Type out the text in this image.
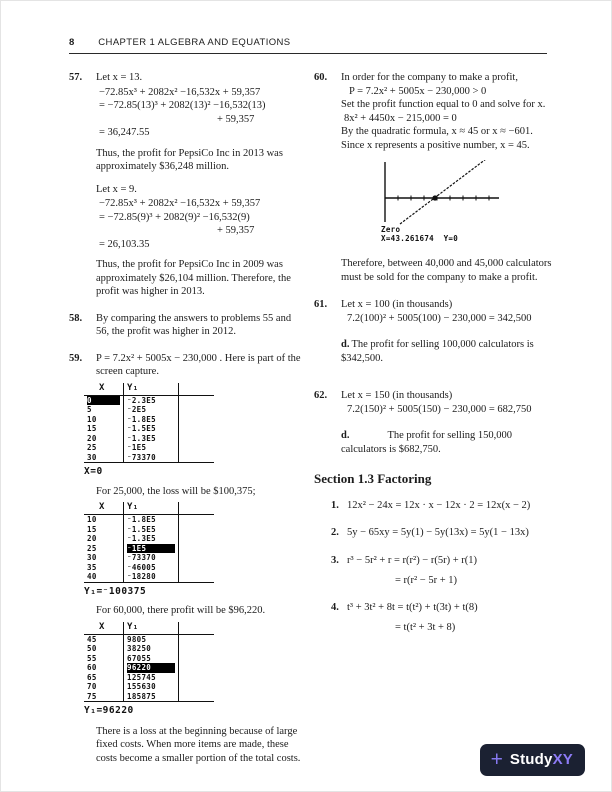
8	CHAPTER 1 ALGEBRA AND EQUATIONS
57.	Let x = 13.
−72.85x³ + 2082x² −16,532x + 59,357
= −72.85(13)³ + 2082(13)² −16,532(13)
+ 59,357
= 36,247.55

Thus, the profit for PepsiCo Inc in 2013 was approximately $36,248 million.

Let x = 9.
−72.85x³ + 2082x² −16,532x + 59,357
= −72.85(9)³ + 2082(9)² −16,532(9)
+ 59,357
= 26,103.35

Thus, the profit for PepsiCo Inc in 2009 was approximately $26,104 million. Therefore, the profit was higher in 2013.

58.	By comparing the answers to problems 55 and 56, the profit was higher in 2012.

59.	P = 7.2x² + 5005x − 230,000 . Here is part of the screen capture.

X	Y₁
0	⁻2.3E5
5	⁻2E5
10	⁻1.8E5
15	⁻1.5E5
20	⁻1.3E5
25	⁻1E5
30	⁻73370
X=0

For 25,000, the loss will be $100,375;

X	Y₁
10	⁻1.8E5
15	⁻1.5E5
20	⁻1.3E5
25	⁻1E5
30	⁻73370
35	⁻46005
40	⁻18280
Y₁=⁻100375

For 60,000, there profit will be $96,220.

X	Y₁
45	9805
50	38250
55	67055
60	96220
65	125745
70	155630
75	185875
Y₁=96220

There is a loss at the beginning because of large fixed costs. When more items are made, these costs become a smaller portion of the total costs.

60.	In order for the company to make a profit,
P = 7.2x² + 5005x − 230,000 > 0
Set the profit function equal to 0 and solve for x.
8x² + 4450x − 215,000 = 0
By the quadratic formula, x ≈ 45 or x ≈ −601.
Since x represents a positive number, x = 45.
Zero
X=43.261674  Y=0

Therefore, between 40,000 and 45,000 calculators must be sold for the company to make a profit.

61.	Let x = 100 (in thousands)
7.2(100)² + 5005(100) − 230,000 = 342,500

d. The profit for selling 100,000 calculators is $342,500.

62.	Let x = 150 (in thousands)
7.2(150)² + 5005(150) − 230,000 = 682,750

d.	The profit for selling 150,000 calculators is $682,750.

Section 1.3 Factoring
1. 12x² − 24x = 12x · x − 12x · 2 = 12x(x − 2)
2. 5y − 65xy = 5y(1) − 5y(13x) = 5y(1 − 13x)
3. r³ − 5r² + r = r(r²) − r(5r) + r(1)
= r(r² − 5r + 1)
4. t³ + 3t² + 8t = t(t²) + t(3t) + t(8)
= t(t² + 3t + 8)
+ StudyXY
